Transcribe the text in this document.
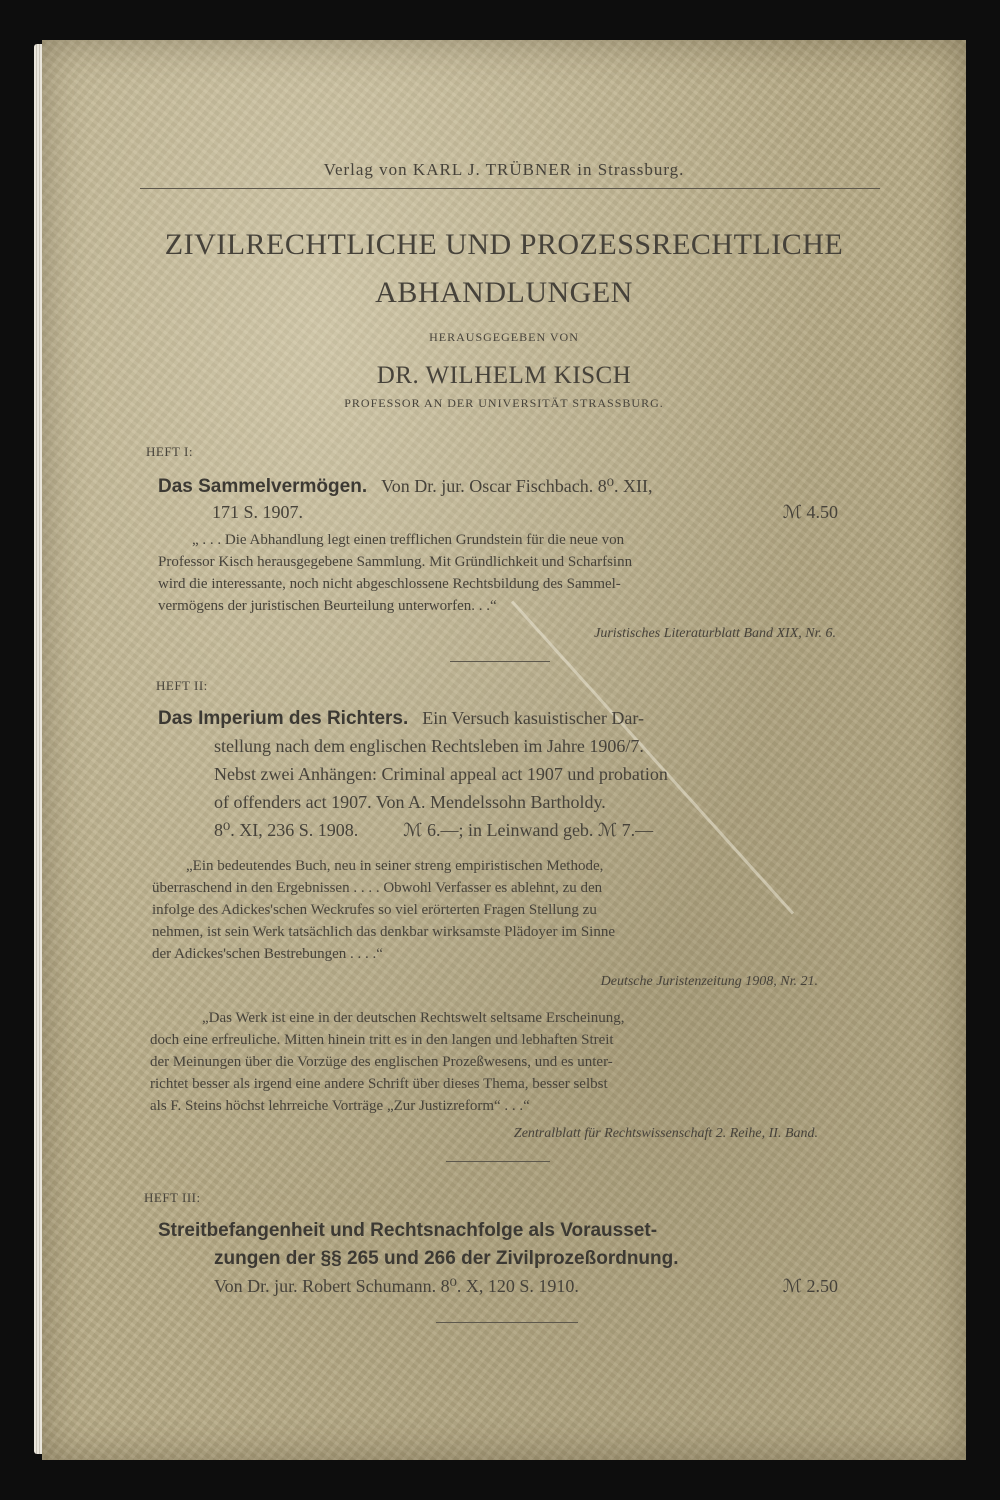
Verlag von KARL J. TRÜBNER in Strassburg.
ZIVILRECHTLICHE UND PROZESSRECHTLICHE
ABHANDLUNGEN
HERAUSGEGEBEN VON
DR. WILHELM KISCH
PROFESSOR AN DER UNIVERSITÄT STRASSBURG.
HEFT I:
Das Sammelvermögen. Von Dr. jur. Oscar Fischbach. 8⁰. XII,
171 S. 1907.	ℳ 4.50
„ . . . Die Abhandlung legt einen trefflichen Grundstein für die neue von
Professor Kisch herausgegebene Sammlung. Mit Gründlichkeit und Scharfsinn
wird die interessante, noch nicht abgeschlossene Rechtsbildung des Sammel-
vermögens der juristischen Beurteilung unterworfen. . .“
Juristisches Literaturblatt Band XIX, Nr. 6.
HEFT II:
Das Imperium des Richters. Ein Versuch kasuistischer Dar-
stellung nach dem englischen Rechtsleben im Jahre 1906/7.
Nebst zwei Anhängen: Criminal appeal act 1907 und probation
of offenders act 1907. Von A. Mendelssohn Bartholdy.
8⁰. XI, 236 S. 1908.          ℳ 6.—; in Leinwand geb. ℳ 7.—
„Ein bedeutendes Buch, neu in seiner streng empiristischen Methode,
überraschend in den Ergebnissen . . . . Obwohl Verfasser es ablehnt, zu den
infolge des Adickes'schen Weckrufes so viel erörterten Fragen Stellung zu
nehmen, ist sein Werk tatsächlich das denkbar wirksamste Plädoyer im Sinne
der Adickes'schen Bestrebungen . . . .“
Deutsche Juristenzeitung 1908, Nr. 21.
„Das Werk ist eine in der deutschen Rechtswelt seltsame Erscheinung,
doch eine erfreuliche. Mitten hinein tritt es in den langen und lebhaften Streit
der Meinungen über die Vorzüge des englischen Prozeßwesens, und es unter-
richtet besser als irgend eine andere Schrift über dieses Thema, besser selbst
als F. Steins höchst lehrreiche Vorträge „Zur Justizreform“ . . .“
Zentralblatt für Rechtswissenschaft 2. Reihe, II. Band.
HEFT III:
Streitbefangenheit und Rechtsnachfolge als Vorausset-
zungen der §§ 265 und 266 der Zivilprozeßordnung.
Von Dr. jur. Robert Schumann. 8⁰. X, 120 S. 1910.	ℳ 2.50
